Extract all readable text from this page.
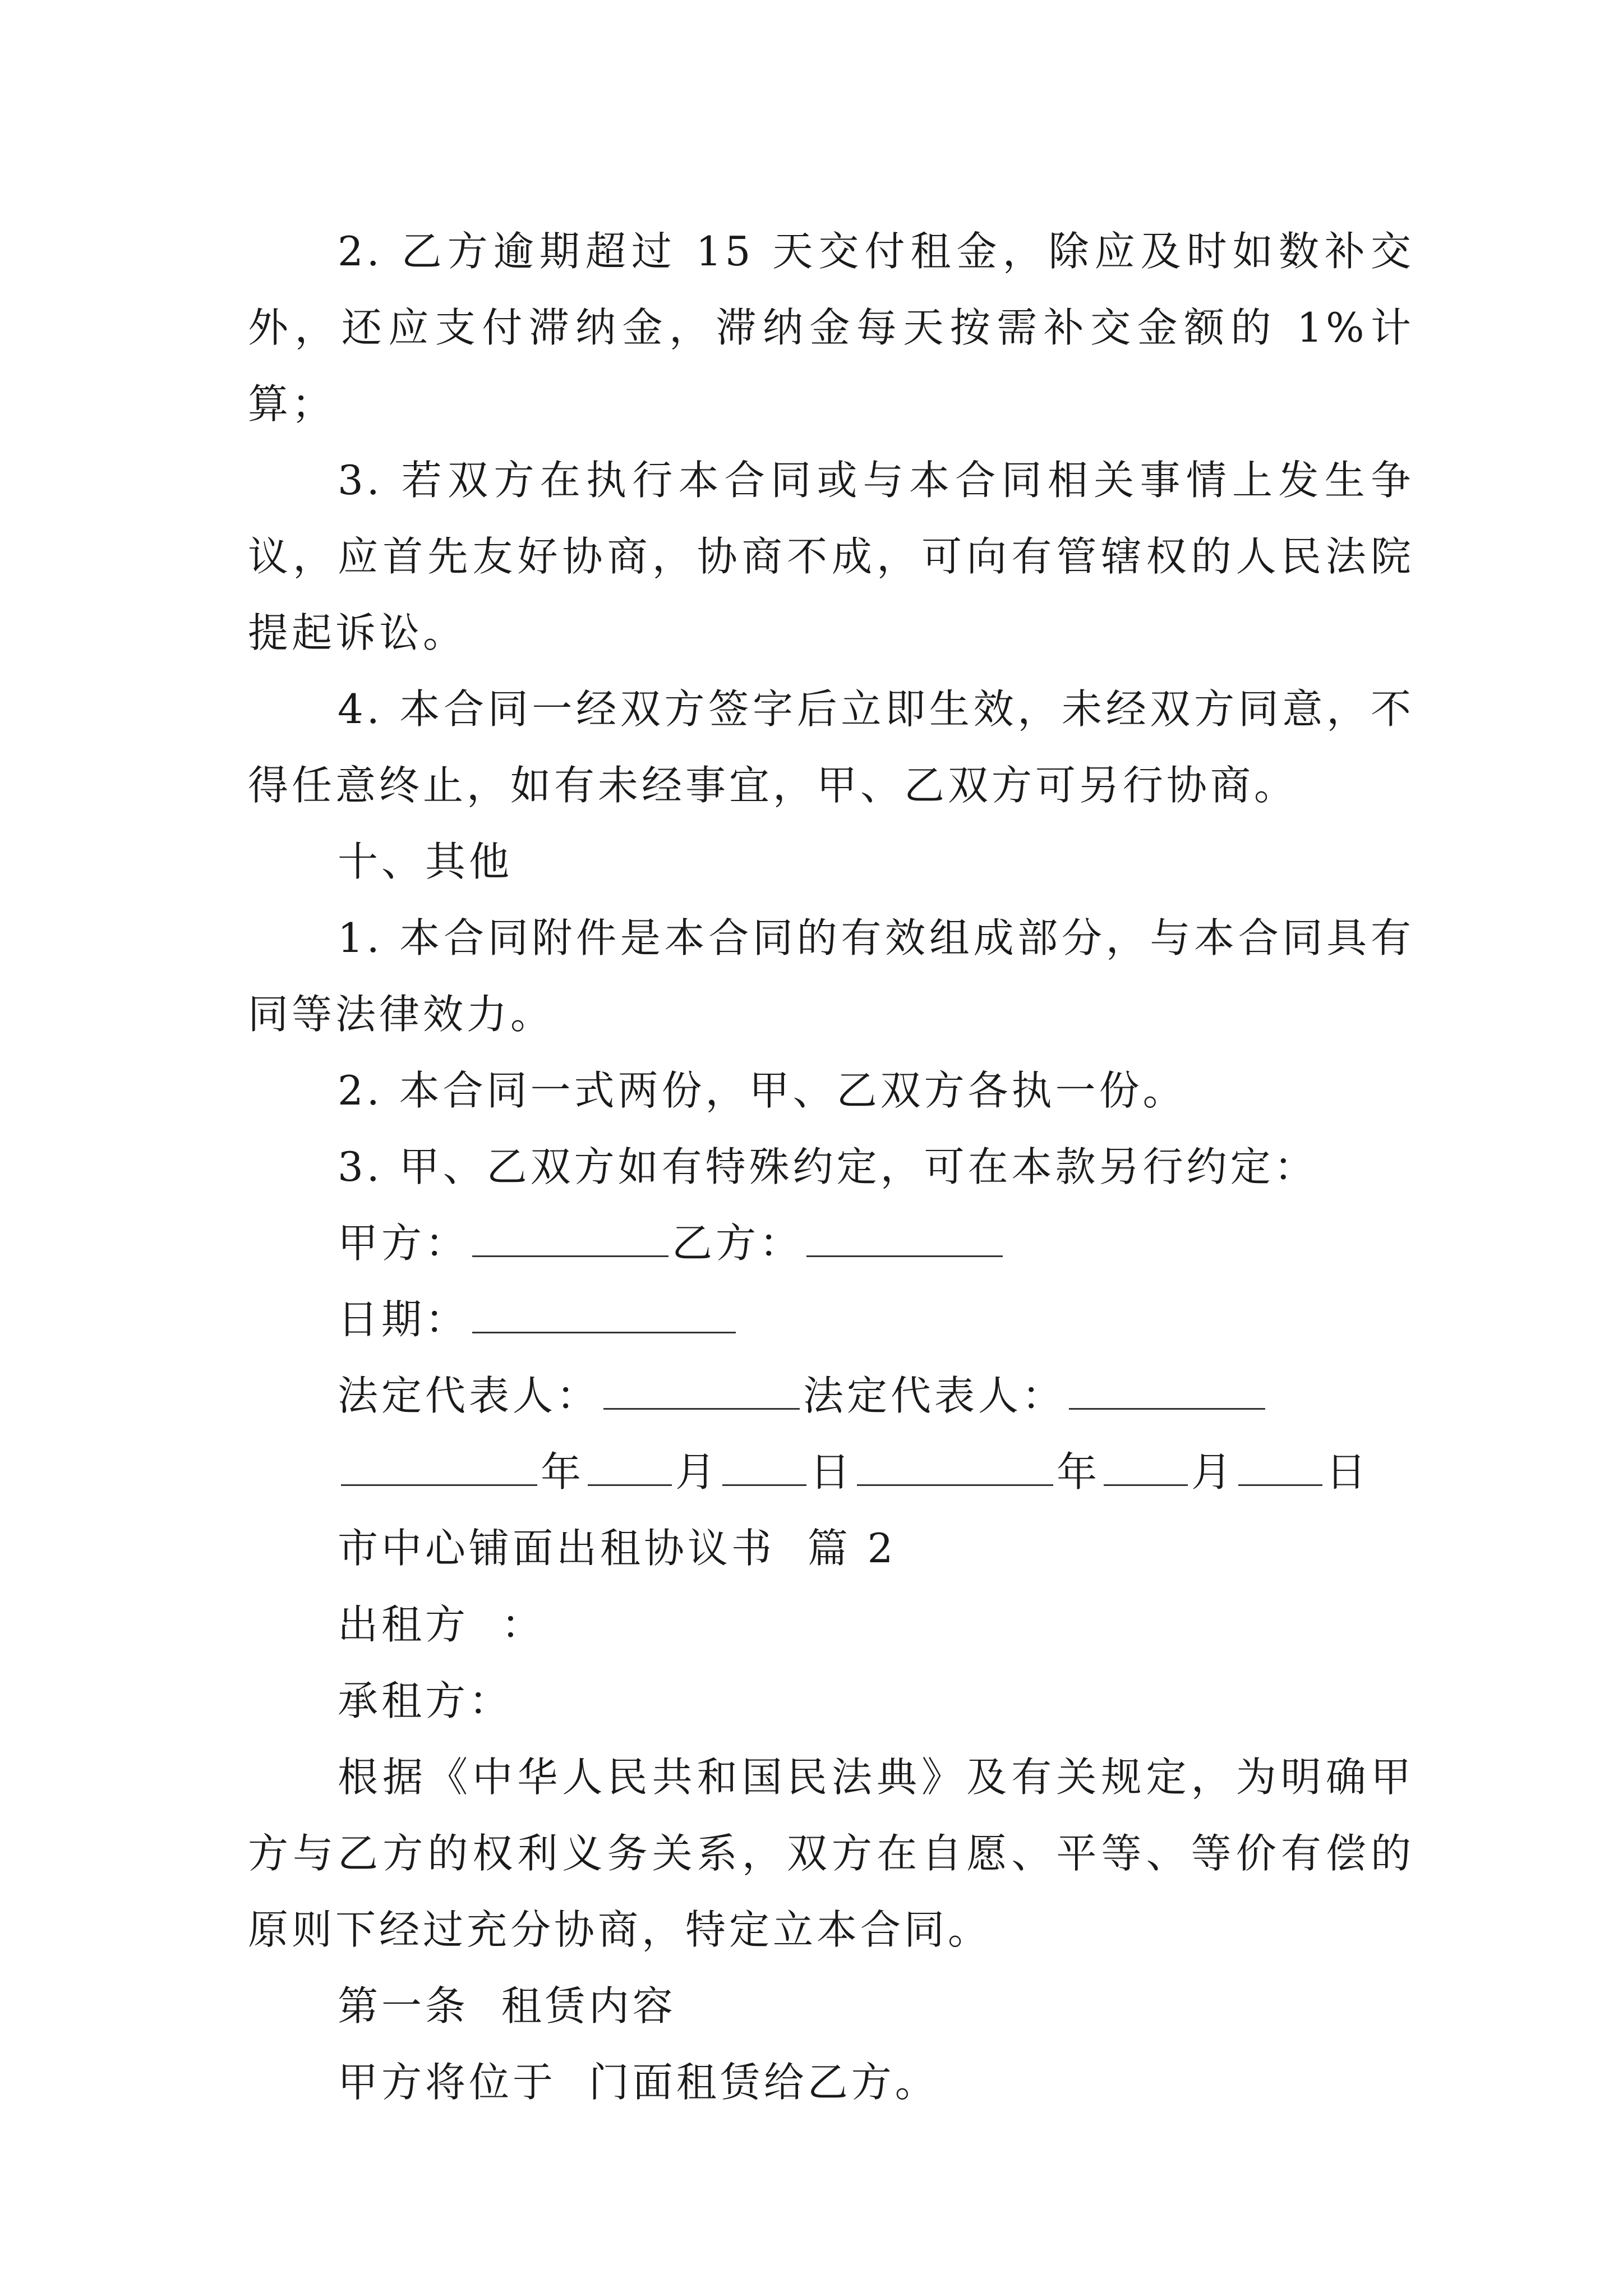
2. 乙方逾期超过 15 天交付租金，除应及时如数补交外，还应支付滞纳金，滞纳金每天按需补交金额的 1%计算；

3. 若双方在执行本合同或与本合同相关事情上发生争议，应首先友好协商，协商不成，可向有管辖权的人民法院提起诉讼。

4. 本合同一经双方签字后立即生效，未经双方同意，不得任意终止，如有未经事宜，甲、乙双方可另行协商。

十、其他

1. 本合同附件是本合同的有效组成部分，与本合同具有同等法律效力。

2. 本合同一式两份，甲、乙双方各执一份。

3. 甲、乙双方如有特殊约定，可在本款另行约定：

甲方：	乙方：

日期：

法定代表人：	法定代表人：

年 月 日	年 月 日

市中心铺面出租协议书  篇 2

出租方  ：

承租方：

根据《中华人民共和国民法典》及有关规定，为明确甲方与乙方的权利义务关系，双方在自愿、平等、等价有偿的原则下经过充分协商，特定立本合同。

第一条  租赁内容

甲方将位于  门面租赁给乙方。
